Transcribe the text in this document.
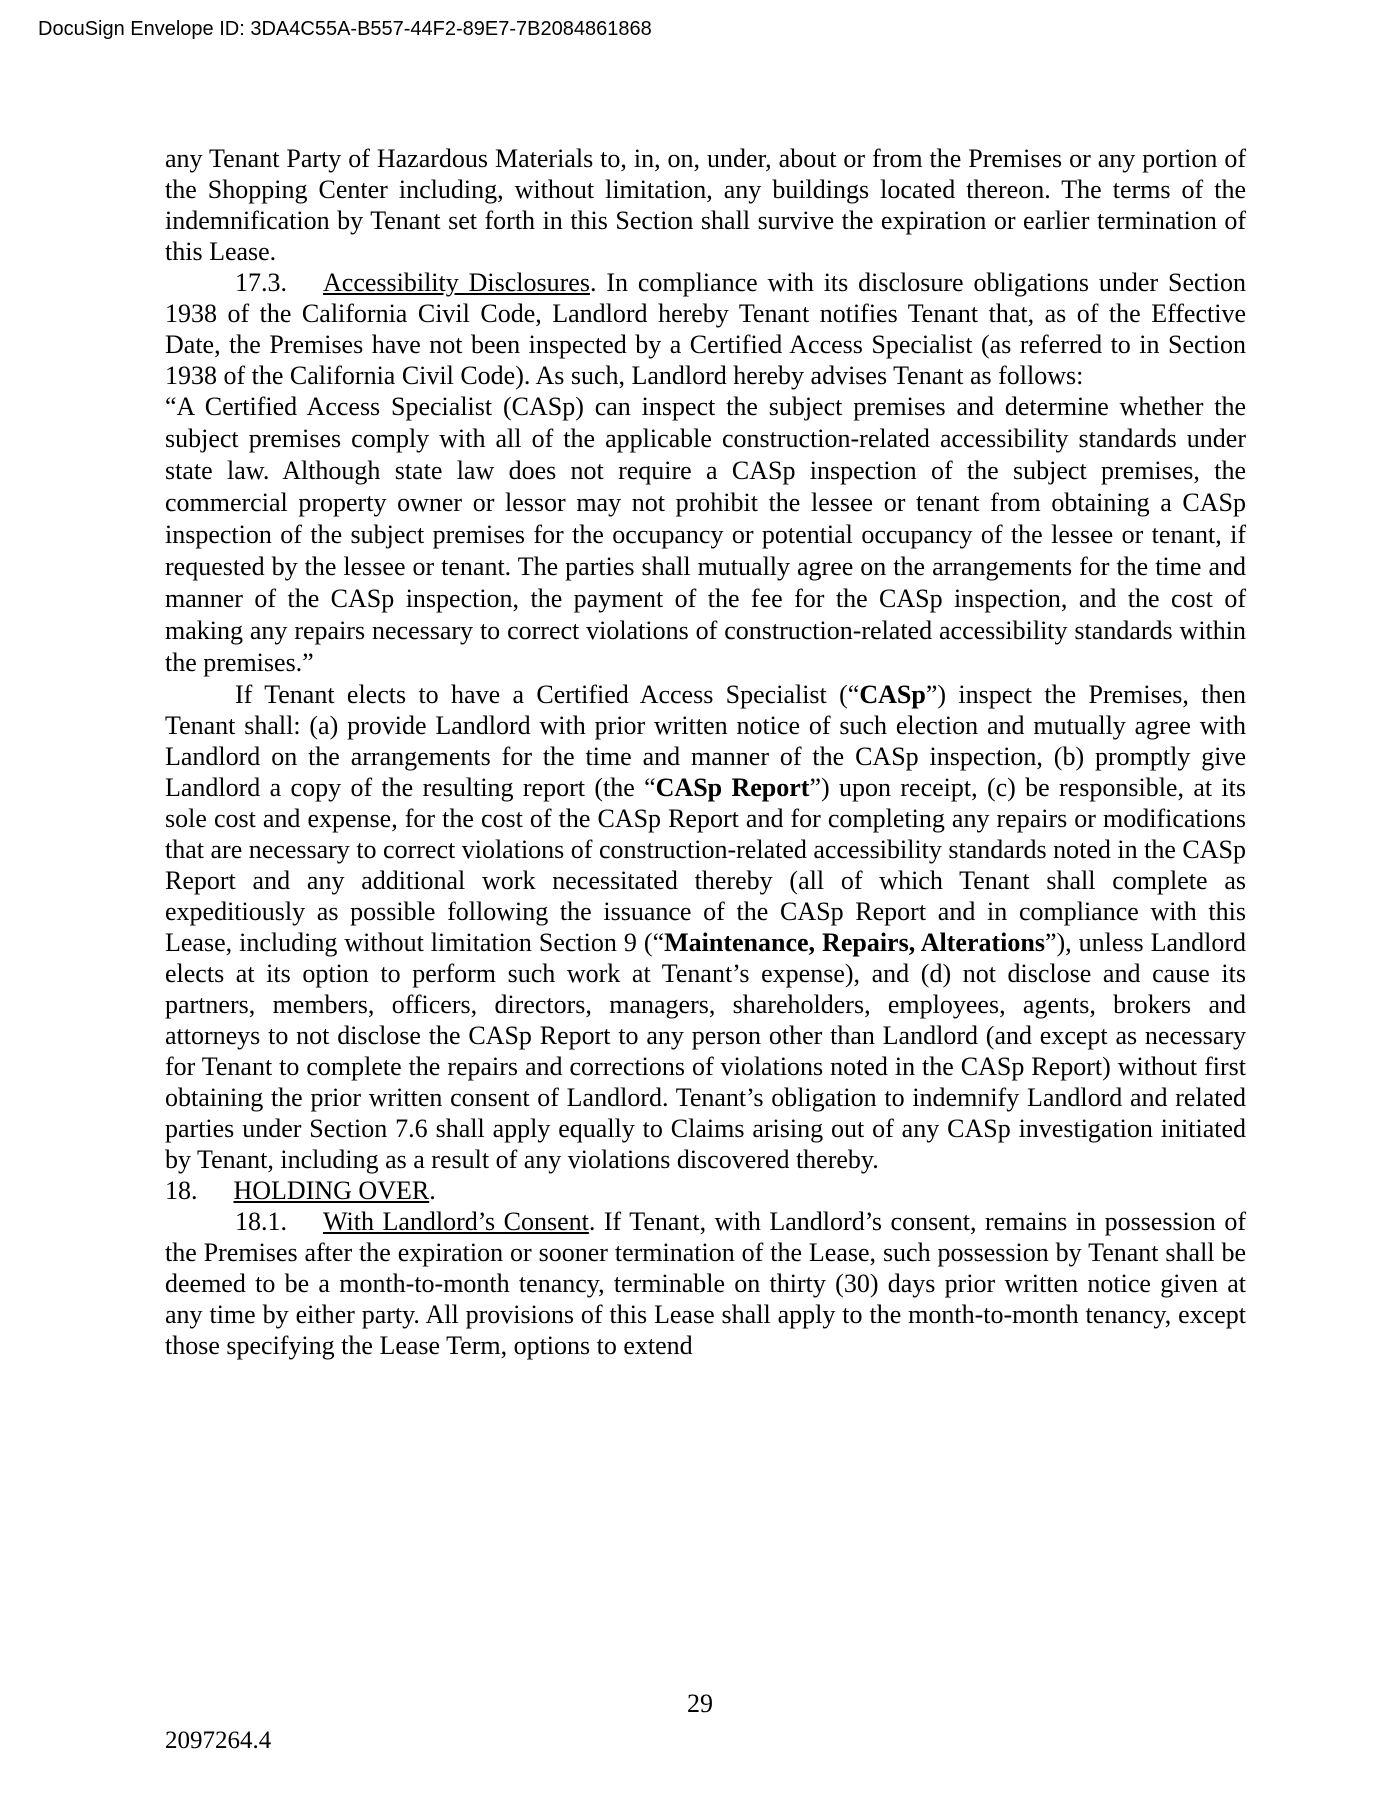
DocuSign Envelope ID: 3DA4C55A-B557-44F2-89E7-7B2084861868

any Tenant Party of Hazardous Materials to, in, on, under, about or from the Premises or any portion of the Shopping Center including, without limitation, any buildings located thereon. The terms of the indemnification by Tenant set forth in this Section shall survive the expiration or earlier termination of this Lease.

17.3. Accessibility Disclosures. In compliance with its disclosure obligations under Section 1938 of the California Civil Code, Landlord hereby Tenant notifies Tenant that, as of the Effective Date, the Premises have not been inspected by a Certified Access Specialist (as referred to in Section 1938 of the California Civil Code). As such, Landlord hereby advises Tenant as follows:

“A Certified Access Specialist (CASp) can inspect the subject premises and determine whether the subject premises comply with all of the applicable construction-related accessibility standards under state law. Although state law does not require a CASp inspection of the subject premises, the commercial property owner or lessor may not prohibit the lessee or tenant from obtaining a CASp inspection of the subject premises for the occupancy or potential occupancy of the lessee or tenant, if requested by the lessee or tenant. The parties shall mutually agree on the arrangements for the time and manner of the CASp inspection, the payment of the fee for the CASp inspection, and the cost of making any repairs necessary to correct violations of construction-related accessibility standards within the premises.”

If Tenant elects to have a Certified Access Specialist (“CASp”) inspect the Premises, then Tenant shall: (a) provide Landlord with prior written notice of such election and mutually agree with Landlord on the arrangements for the time and manner of the CASp inspection, (b) promptly give Landlord a copy of the resulting report (the “CASp Report”) upon receipt, (c) be responsible, at its sole cost and expense, for the cost of the CASp Report and for completing any repairs or modifications that are necessary to correct violations of construction-related accessibility standards noted in the CASp Report and any additional work necessitated thereby (all of which Tenant shall complete as expeditiously as possible following the issuance of the CASp Report and in compliance with this Lease, including without limitation Section 9 (“Maintenance, Repairs, Alterations”), unless Landlord elects at its option to perform such work at Tenant’s expense), and (d) not disclose and cause its partners, members, officers, directors, managers, shareholders, employees, agents, brokers and attorneys to not disclose the CASp Report to any person other than Landlord (and except as necessary for Tenant to complete the repairs and corrections of violations noted in the CASp Report) without first obtaining the prior written consent of Landlord. Tenant’s obligation to indemnify Landlord and related parties under Section 7.6 shall apply equally to Claims arising out of any CASp investigation initiated by Tenant, including as a result of any violations discovered thereby.

18. HOLDING OVER.

18.1. With Landlord’s Consent. If Tenant, with Landlord’s consent, remains in possession of the Premises after the expiration or sooner termination of the Lease, such possession by Tenant shall be deemed to be a month-to-month tenancy, terminable on thirty (30) days prior written notice given at any time by either party. All provisions of this Lease shall apply to the month-to-month tenancy, except those specifying the Lease Term, options to extend

29
2097264.4
